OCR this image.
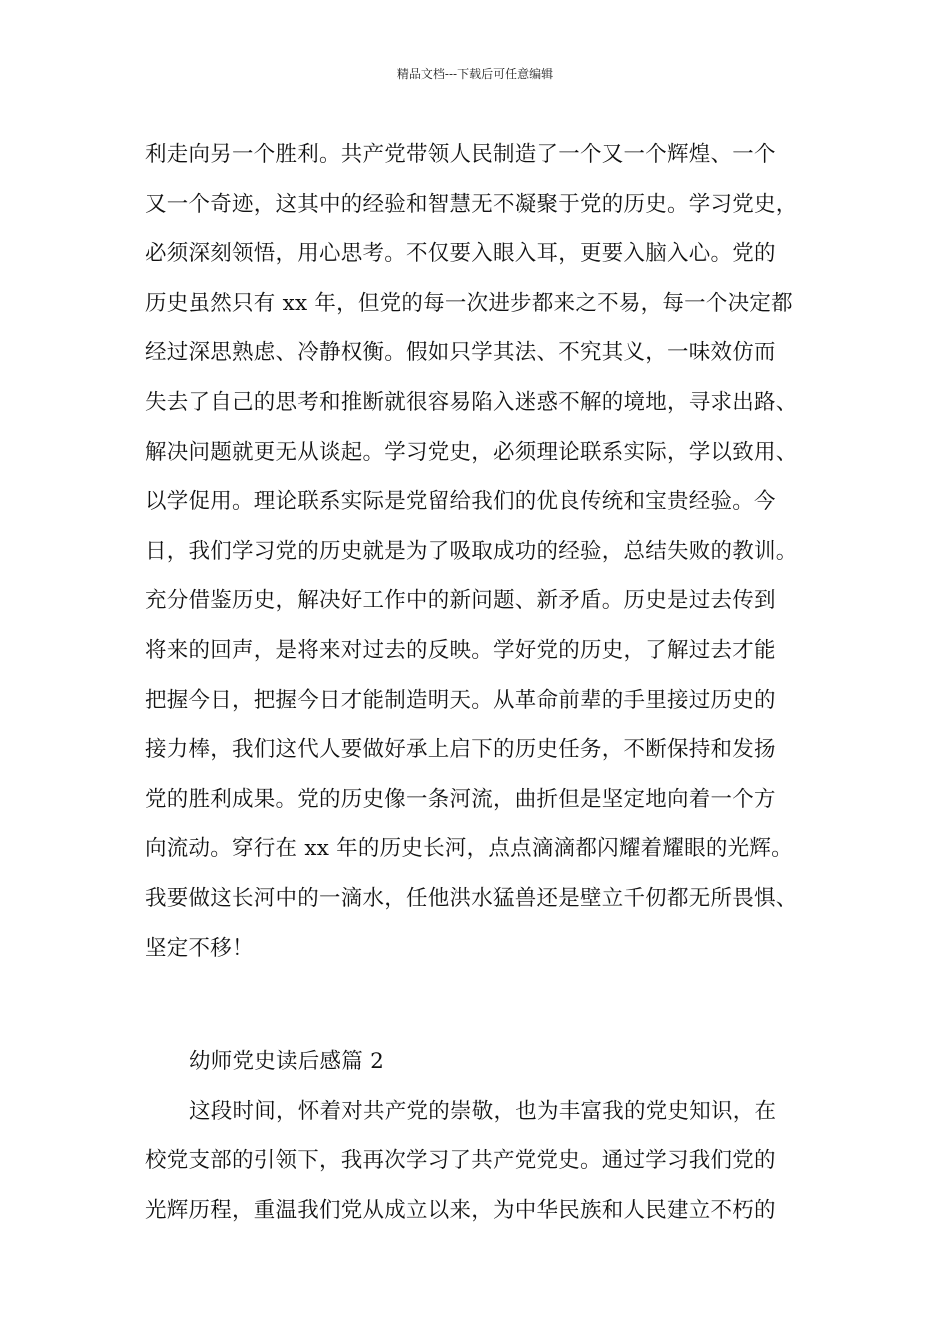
精品文档---下载后可任意编辑
利走向另一个胜利。共产党带领人民制造了一个又一个辉煌、一个
又一个奇迹，这其中的经验和智慧无不凝聚于党的历史。学习党史，
必须深刻领悟，用心思考。不仅要入眼入耳，更要入脑入心。党的
历史虽然只有 xx 年，但党的每一次进步都来之不易，每一个决定都
经过深思熟虑、冷静权衡。假如只学其法、不究其义，一味效仿而
失去了自己的思考和推断就很容易陷入迷惑不解的境地，寻求出路、
解决问题就更无从谈起。学习党史，必须理论联系实际，学以致用、
以学促用。理论联系实际是党留给我们的优良传统和宝贵经验。今
日，我们学习党的历史就是为了吸取成功的经验，总结失败的教训。
充分借鉴历史，解决好工作中的新问题、新矛盾。历史是过去传到
将来的回声，是将来对过去的反映。学好党的历史，了解过去才能
把握今日，把握今日才能制造明天。从革命前辈的手里接过历史的
接力棒，我们这代人要做好承上启下的历史任务，不断保持和发扬
党的胜利成果。党的历史像一条河流，曲折但是坚定地向着一个方
向流动。穿行在 xx 年的历史长河，点点滴滴都闪耀着耀眼的光辉。
我要做这长河中的一滴水，任他洪水猛兽还是壁立千仞都无所畏惧、
坚定不移！
幼师党史读后感篇 2
这段时间，怀着对共产党的崇敬，也为丰富我的党史知识，在
校党支部的引领下，我再次学习了共产党党史。通过学习我们党的
光辉历程，重温我们党从成立以来，为中华民族和人民建立不朽的
